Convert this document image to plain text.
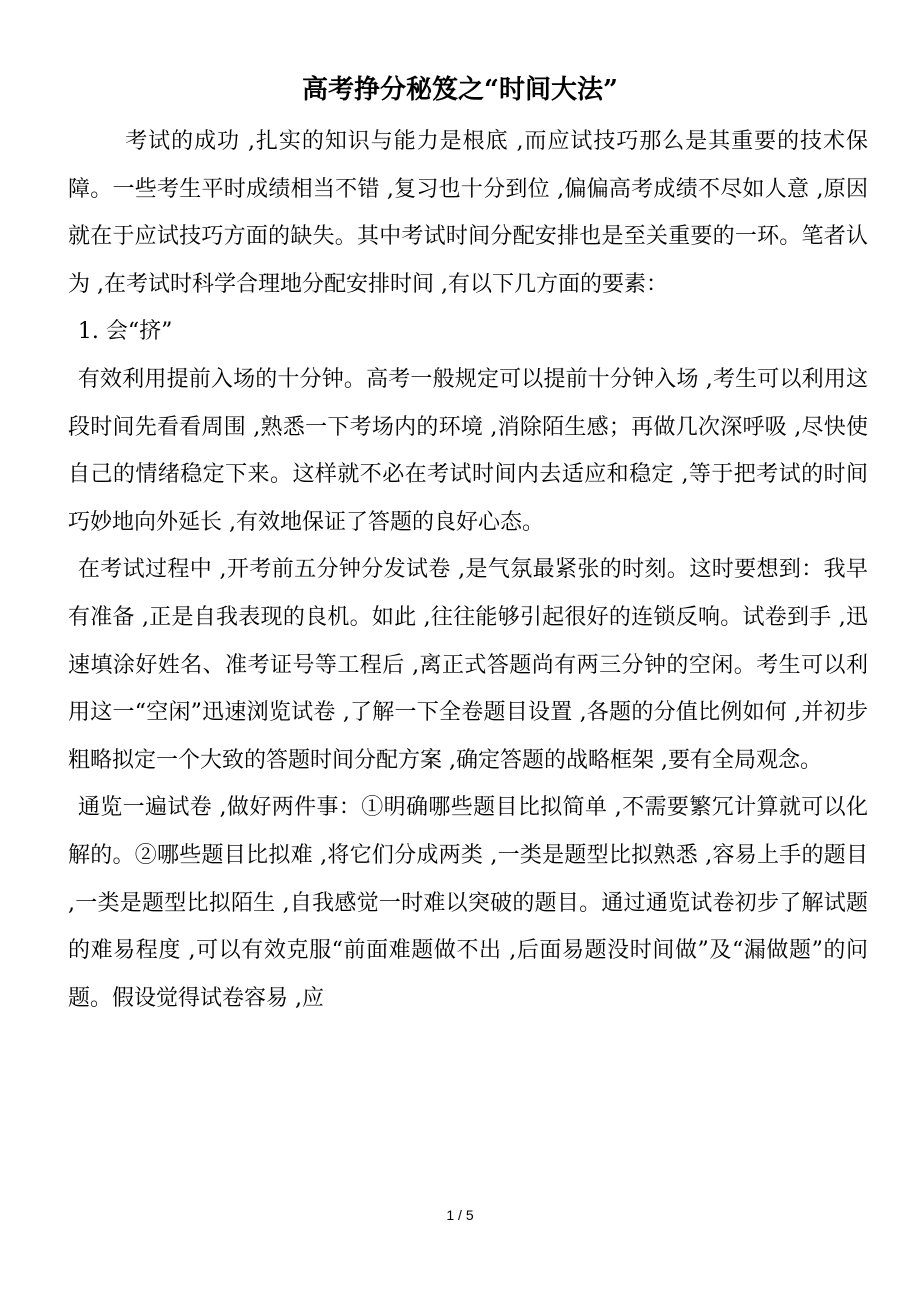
高考挣分秘笈之“时间大法”

考试的成功 ,扎实的知识与能力是根底 ,而应试技巧那么是其重要的技术保障。一些考生平时成绩相当不错 ,复习也十分到位 ,偏偏高考成绩不尽如人意 ,原因就在于应试技巧方面的缺失。其中考试时间分配安排也是至关重要的一环。笔者认为 ,在考试时科学合理地分配安排时间 ,有以下几方面的要素：

1. 会“挤”

有效利用提前入场的十分钟。高考一般规定可以提前十分钟入场 ,考生可以利用这段时间先看看周围 ,熟悉一下考场内的环境 ,消除陌生感；再做几次深呼吸 ,尽快使自己的情绪稳定下来。这样就不必在考试时间内去适应和稳定 ,等于把考试的时间巧妙地向外延长 ,有效地保证了答题的良好心态。

在考试过程中 ,开考前五分钟分发试卷 ,是气氛最紧张的时刻。这时要想到：我早有准备 ,正是自我表现的良机。如此 ,往往能够引起很好的连锁反响。试卷到手 ,迅速填涂好姓名、准考证号等工程后 ,离正式答题尚有两三分钟的空闲。考生可以利用这一“空闲”迅速浏览试卷 ,了解一下全卷题目设置 ,各题的分值比例如何 ,并初步粗略拟定一个大致的答题时间分配方案 ,确定答题的战略框架 ,要有全局观念。

通览一遍试卷 ,做好两件事：①明确哪些题目比拟简单 ,不需要繁冗计算就可以化解的。②哪些题目比拟难 ,将它们分成两类 ,一类是题型比拟熟悉 ,容易上手的题目 ,一类是题型比拟陌生 ,自我感觉一时难以突破的题目。通过通览试卷初步了解试题的难易程度 ,可以有效克服“前面难题做不出 ,后面易题没时间做”及“漏做题”的问题。假设觉得试卷容易 ,应

1 / 5
